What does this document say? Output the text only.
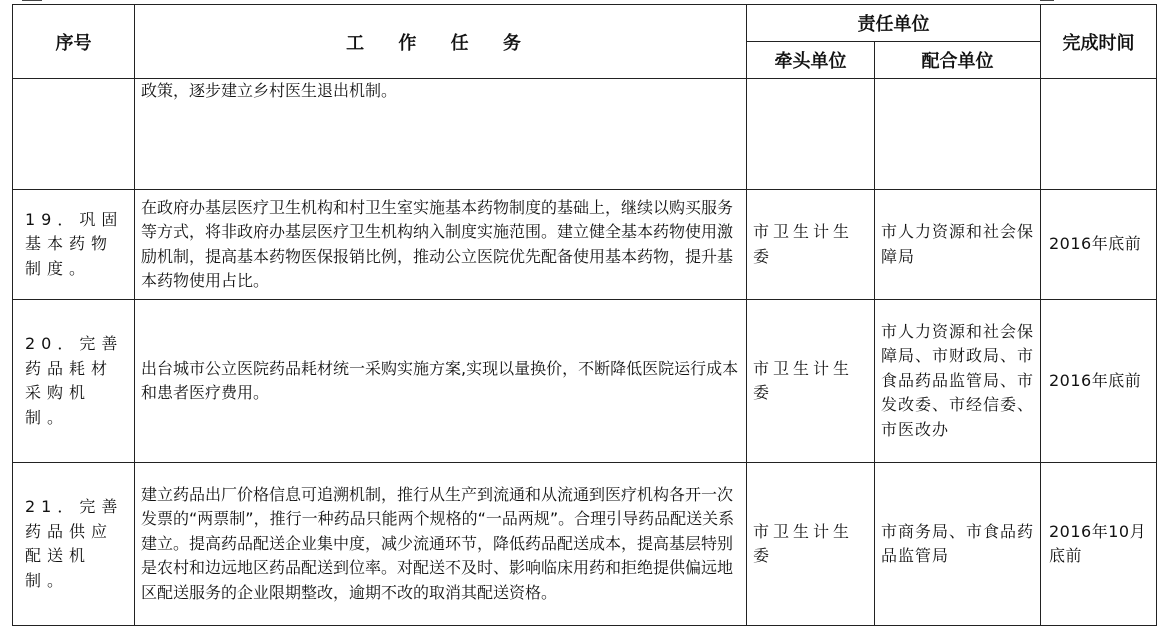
序号	工 作 任 务	责任单位		完成时间
		牵头单位	配合单位	
	政策，逐步建立乡村医生退出机制。			
19．巩固基本药物制度。	在政府办基层医疗卫生机构和村卫生室实施基本药物制度的基础上，继续以购买服务等方式，将非政府办基层医疗卫生机构纳入制度实施范围。建立健全基本药物使用激励机制，提高基本药物医保报销比例，推动公立医院优先配备使用基本药物，提升基本药物使用占比。	市卫生计生委	市人力资源和社会保障局	2016年底前
20．完善药品耗材采购机制。	出台城市公立医院药品耗材统一采购实施方案,实现以量换价，不断降低医院运行成本和患者医疗费用。	市卫生计生委	市人力资源和社会保障局、市财政局、市食品药品监管局、市发改委、市经信委、市医改办	2016年底前
21．完善药品供应配送机制。	建立药品出厂价格信息可追溯机制，推行从生产到流通和从流通到医疗机构各开一次发票的“两票制”，推行一种药品只能两个规格的“一品两规”。合理引导药品配送关系建立。提高药品配送企业集中度，减少流通环节，降低药品配送成本，提高基层特别是农村和边远地区药品配送到位率。对配送不及时、影响临床用药和拒绝提供偏远地区配送服务的企业限期整改，逾期不改的取消其配送资格。	市卫生计生委	市商务局、市食品药品监管局	2016年10月底前
